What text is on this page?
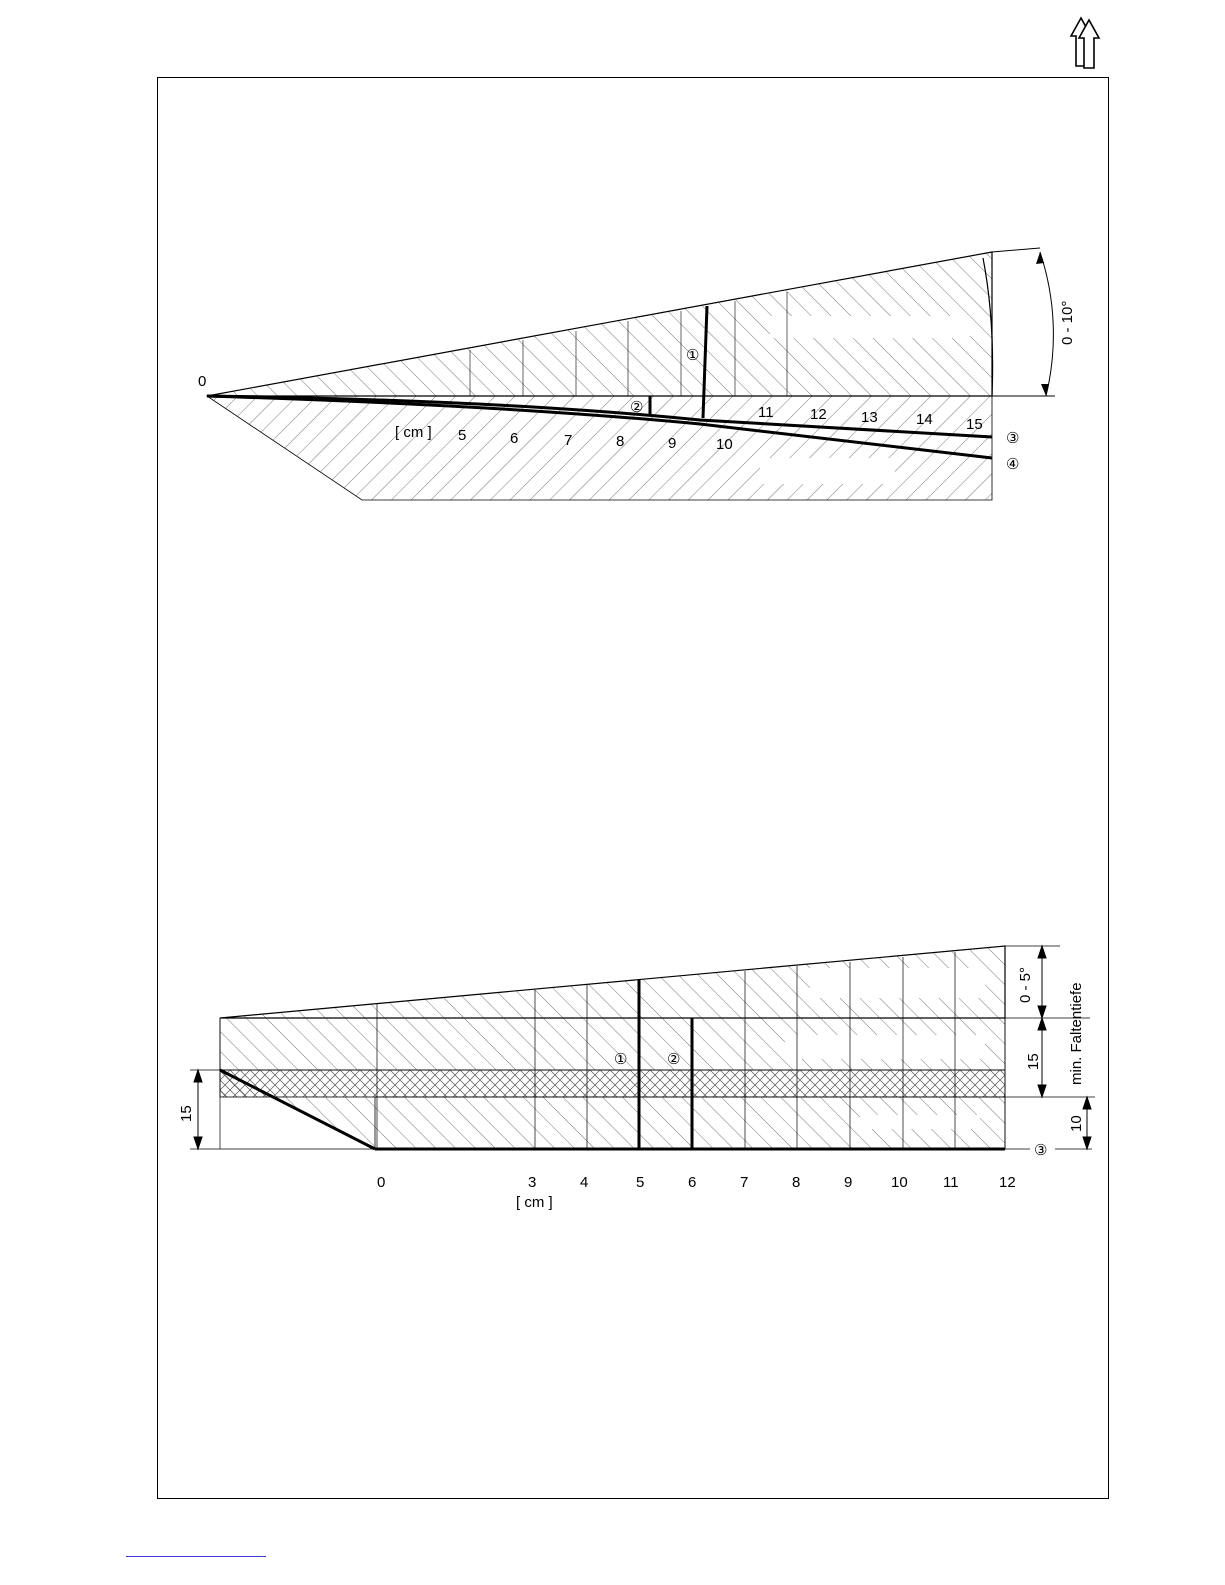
0
0 - 10°
[ cm ] 5	6	7	8	9	10
11 12 13	14 15
①
②
③
④
0 - 5° min. Faltentiefe
15
10
15
①	②
③
0	3	4	5	6	7	8	9	10 11	12
[ cm ]
